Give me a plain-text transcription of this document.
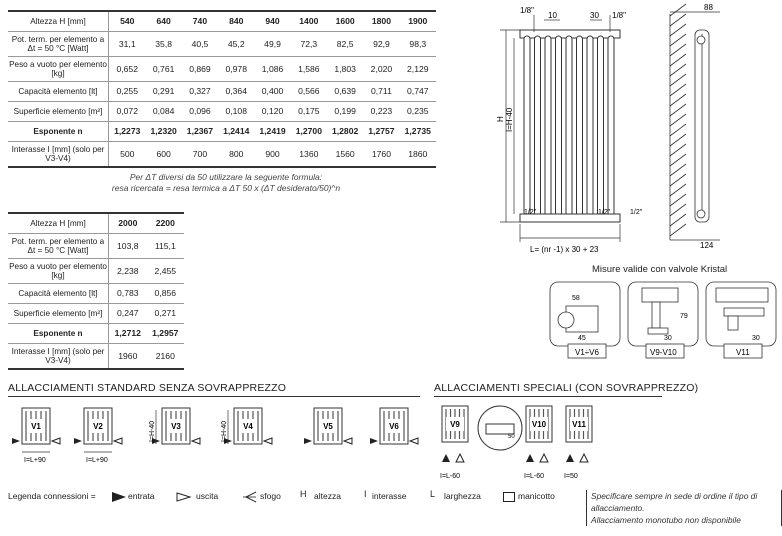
Altezza H [mm]	540	640	740	840	940	1400	1600	1800	1900
Pot. term. per elemento a Δt = 50 °C [Watt]	31,1	35,8	40,5	45,2	49,9	72,3	82,5	92,9	98,3
Peso a vuoto per elemento [kg]	0,652	0,761	0,869	0,978	1,086	1,586	1,803	2,020	2,129
Capacità elemento [lt]	0,255	0,291	0,327	0,364	0,400	0,566	0,639	0,711	0,747
Superficie elemento [m²]	0,072	0,084	0,096	0,108	0,120	0,175	0,199	0,223	0,235
Esponente n	1,2273	1,2320	1,2367	1,2414	1,2419	1,2700	1,2802	1,2757	1,2735
Interasse I [mm] (solo per V3-V4)	500	600	700	800	900	1360	1560	1760	1860
Per ΔT diversi da 50 utilizzare la seguente formula:
resa ricercata = resa termica a ΔT 50 x (ΔT desiderato/50)^n
Altezza H [mm]	2000	2200
Pot. term. per elemento a Δt = 50 °C [Watt]	103,8	115,1
Peso a vuoto per elemento [kg]	2,238	2,455
Capacità elemento [lt]	0,783	0,856
Superficie elemento [m²]	0,247	0,271
Esponente n	1,2712	1,2957
Interasse I [mm] (solo per V3-V4)	1960	2160
1/8"
10	30 1/8"
H I=H-40
1/2"	1/2"
L= (nr -1) x 30 + 23
88
1/2"
124
Misure valide con valvole Kristal
58
45
79
30	30
V1÷V6	V9-V10	V11
ALLACCIAMENTI STANDARD SENZA SOVRAPPREZZO
V1
I=L+90
V2
I=L+90
V3
I=H-40	V4
I=H-40	V5	V6
ALLACCIAMENTI SPECIALI (CON SOVRAPPREZZO)
V9
I=L-60
V10
I=L-60
V11
I=50
50
Legenda connessioni =	entrata	uscita	sfogo H altezza	I interasse	L larghezza	manicotto	Specificare sempre in sede di ordine il tipo di
allacciamento.
Allacciamento monotubo non disponibile
